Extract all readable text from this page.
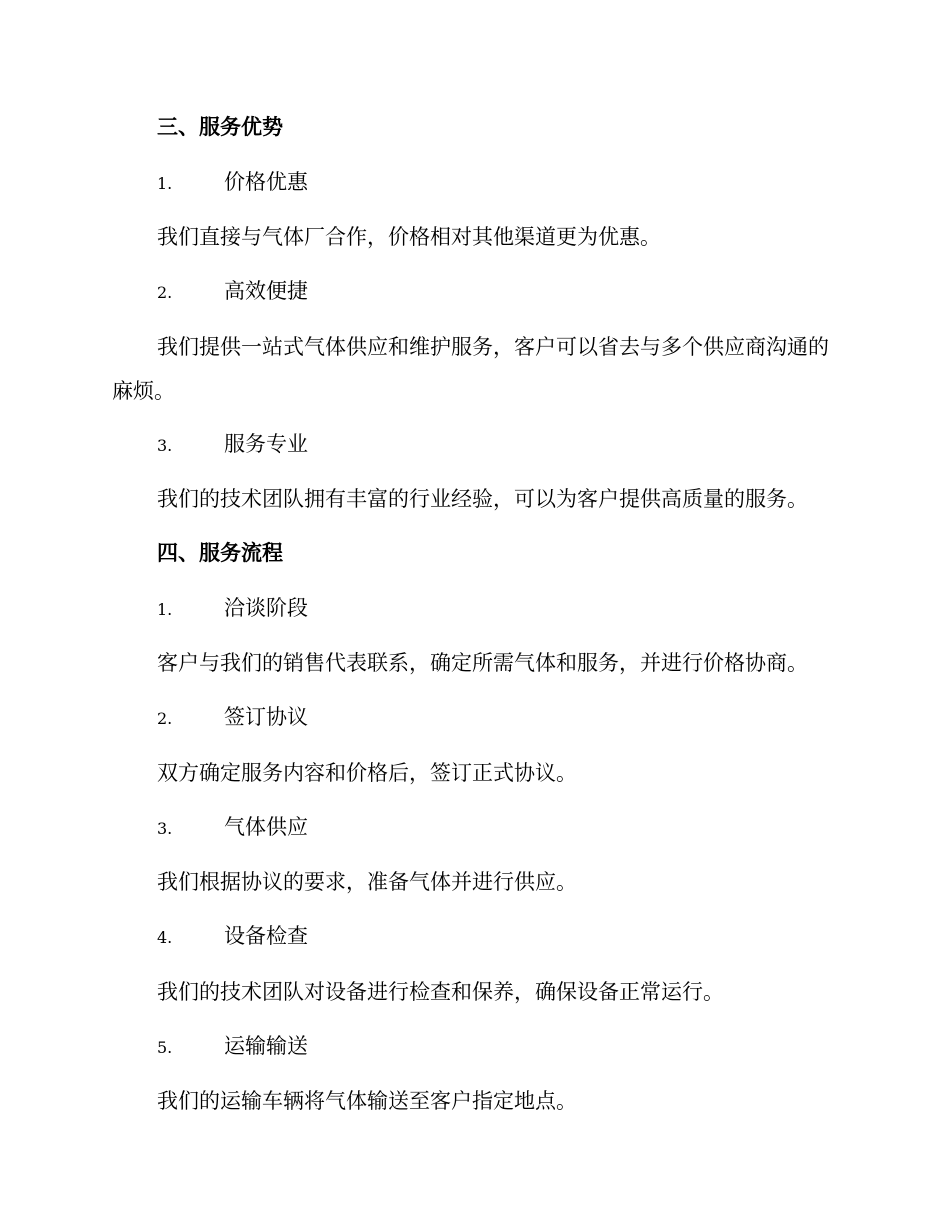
三、服务优势
1. 价格优惠
我们直接与气体厂合作，价格相对其他渠道更为优惠。
2. 高效便捷
我们提供一站式气体供应和维护服务，客户可以省去与多个供应商沟通的麻烦。
3. 服务专业
我们的技术团队拥有丰富的行业经验，可以为客户提供高质量的服务。
四、服务流程
1. 洽谈阶段
客户与我们的销售代表联系，确定所需气体和服务，并进行价格协商。
2. 签订协议
双方确定服务内容和价格后，签订正式协议。
3. 气体供应
我们根据协议的要求，准备气体并进行供应。
4. 设备检查
我们的技术团队对设备进行检查和保养，确保设备正常运行。
5. 运输输送
我们的运输车辆将气体输送至客户指定地点。
